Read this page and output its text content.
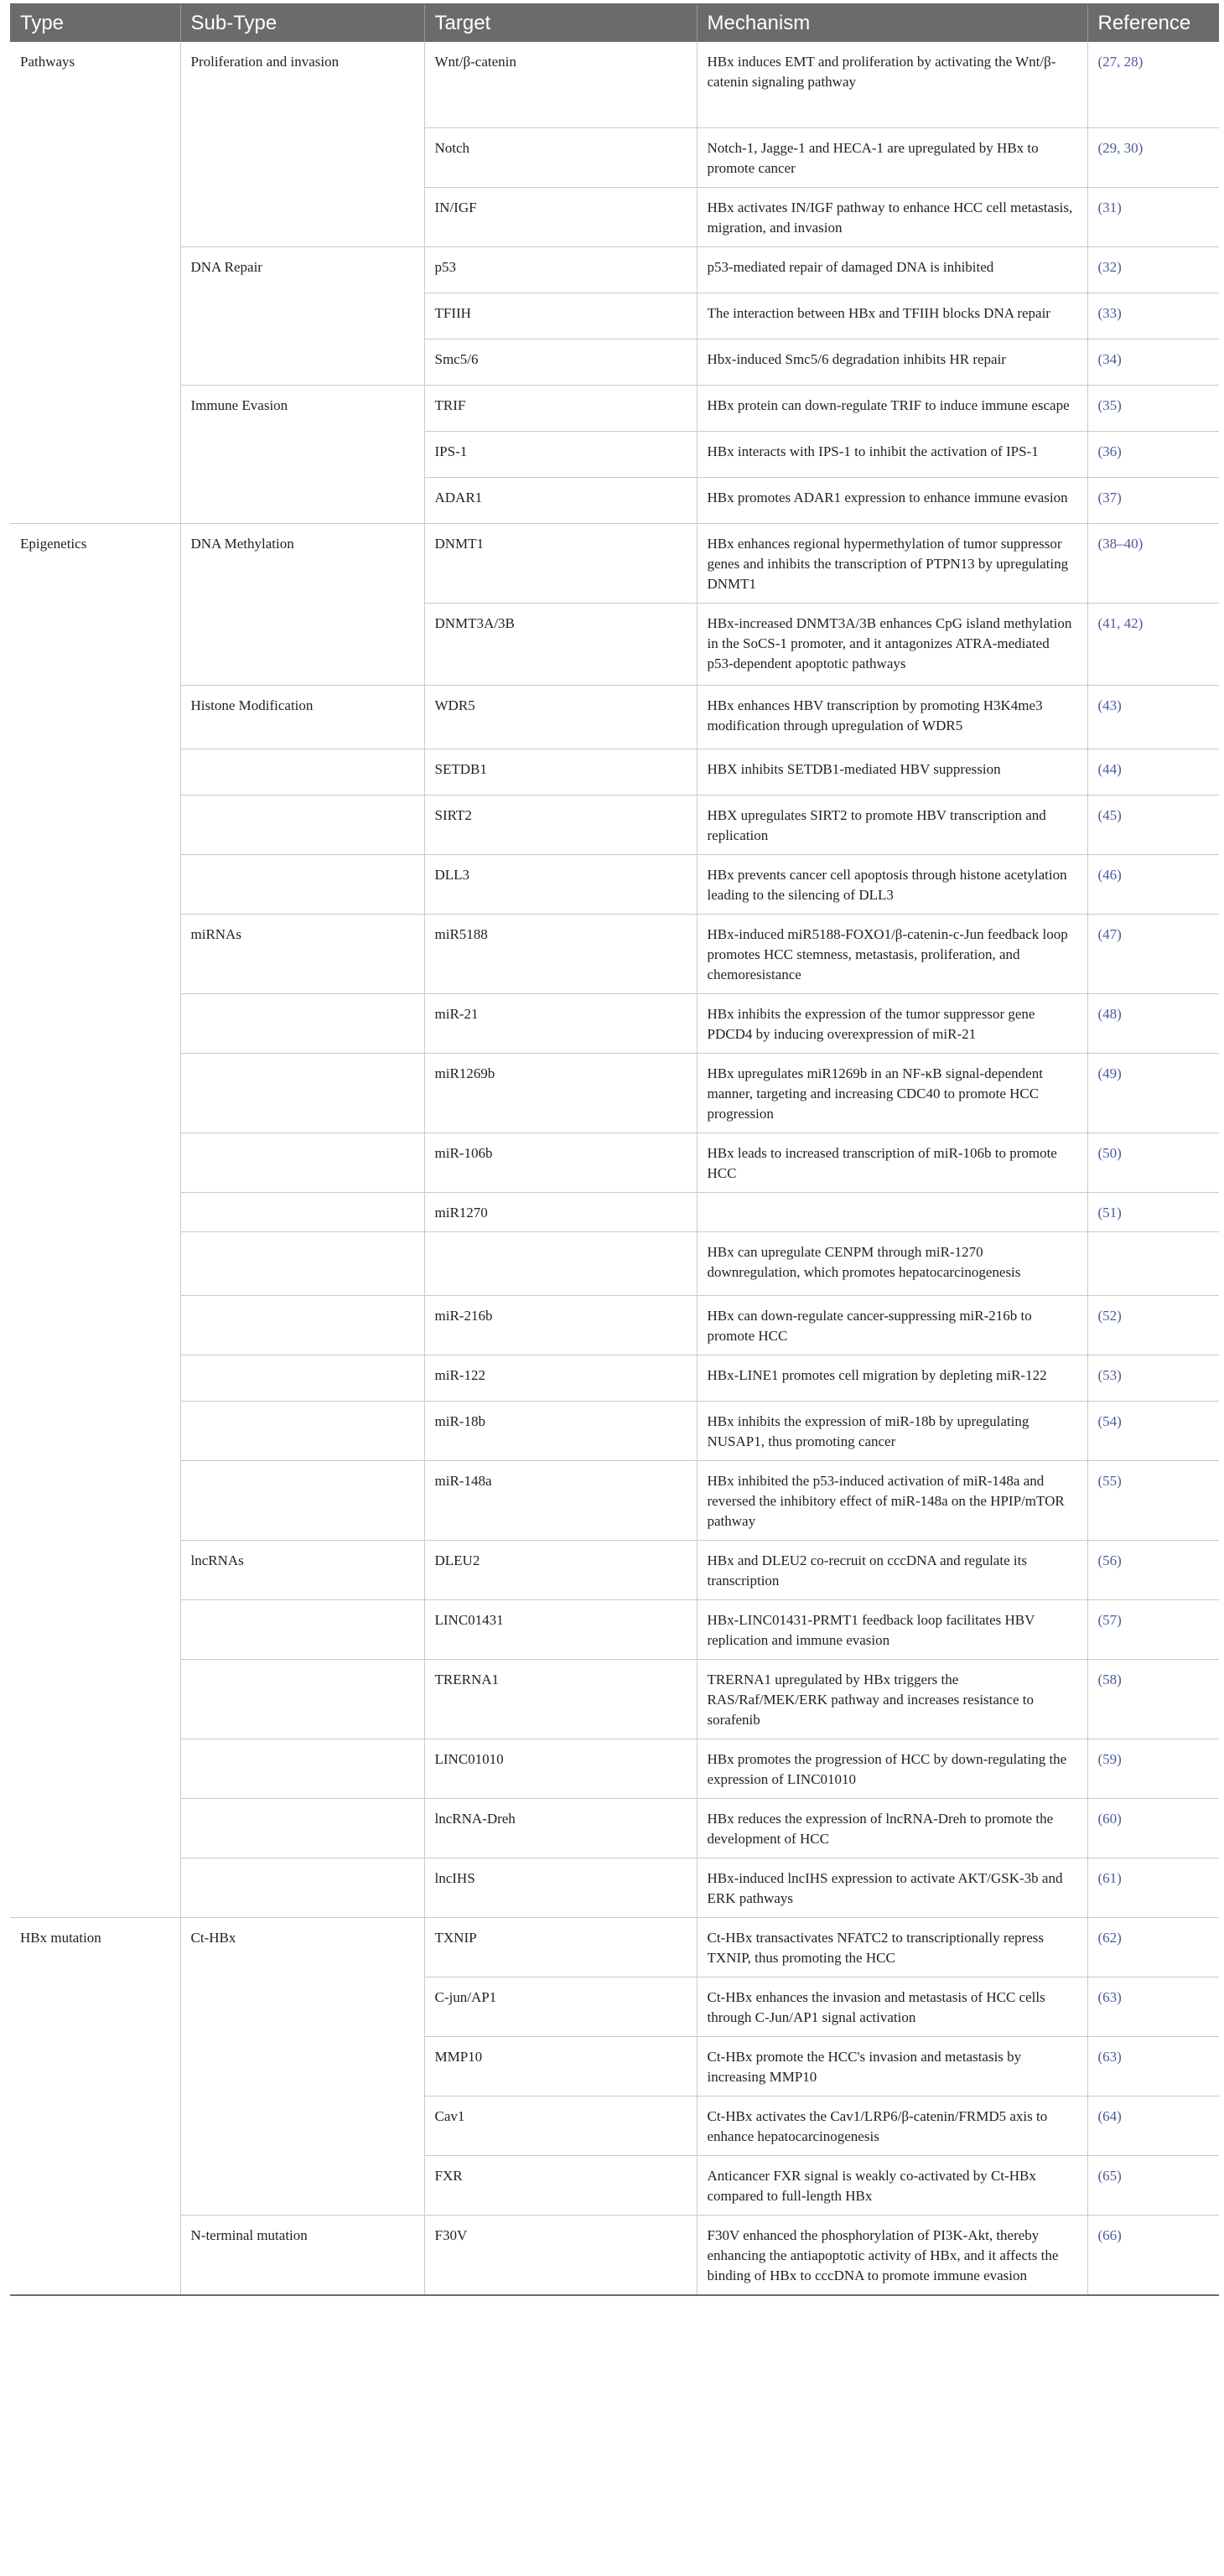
Type	Sub-Type	Target	Mechanism	Reference
Pathways	Proliferation and invasion	Wnt/β-catenin	HBx induces EMT and proliferation by activating the Wnt/β-catenin signaling pathway	(27, 28)
		Notch	Notch-1, Jagge-1 and HECA-1 are upregulated by HBx to promote cancer	(29, 30)
		IN/IGF	HBx activates IN/IGF pathway to enhance HCC cell metastasis, migration, and invasion	(31)
	DNA Repair	p53	p53-mediated repair of damaged DNA is inhibited	(32)
		TFIIH	The interaction between HBx and TFIIH blocks DNA repair	(33)
		Smc5/6	Hbx-induced Smc5/6 degradation inhibits HR repair	(34)
	Immune Evasion	TRIF	HBx protein can down-regulate TRIF to induce immune escape	(35)
		IPS-1	HBx interacts with IPS-1 to inhibit the activation of IPS-1	(36)
		ADAR1	HBx promotes ADAR1 expression to enhance immune evasion	(37)
Epigenetics	DNA Methylation	DNMT1	HBx enhances regional hypermethylation of tumor suppressor genes and inhibits the transcription of PTPN13 by upregulating DNMT1	(38–40)
		DNMT3A/3B	HBx-increased DNMT3A/3B enhances CpG island methylation in the SoCS-1 promoter, and it antagonizes ATRA-mediated p53-dependent apoptotic pathways	(41, 42)
	Histone Modification	WDR5	HBx enhances HBV transcription by promoting H3K4me3 modification through upregulation of WDR5	(43)
		SETDB1	HBX inhibits SETDB1-mediated HBV suppression	(44)
		SIRT2	HBX upregulates SIRT2 to promote HBV transcription and replication	(45)
		DLL3	HBx prevents cancer cell apoptosis through histone acetylation leading to the silencing of DLL3	(46)
	miRNAs	miR5188	HBx-induced miR5188-FOXO1/β-catenin-c-Jun feedback loop promotes HCC stemness, metastasis, proliferation, and chemoresistance	(47)
		miR-21	HBx inhibits the expression of the tumor suppressor gene PDCD4 by inducing overexpression of miR-21	(48)
		miR1269b	HBx upregulates miR1269b in an NF-κB signal-dependent manner, targeting and increasing CDC40 to promote HCC progression	(49)
		miR-106b	HBx leads to increased transcription of miR-106b to promote HCC	(50)
		miR1270		(51)
			HBx can upregulate CENPM through miR-1270 downregulation, which promotes hepatocarcinogenesis	
		miR-216b	HBx can down-regulate cancer-suppressing miR-216b to promote HCC	(52)
		miR-122	HBx-LINE1 promotes cell migration by depleting miR-122	(53)
		miR-18b	HBx inhibits the expression of miR-18b by upregulating NUSAP1, thus promoting cancer	(54)
		miR-148a	HBx inhibited the p53-induced activation of miR-148a and reversed the inhibitory effect of miR-148a on the HPIP/mTOR pathway	(55)
	lncRNAs	DLEU2	HBx and DLEU2 co-recruit on cccDNA and regulate its transcription	(56)
		LINC01431	HBx-LINC01431-PRMT1 feedback loop facilitates HBV replication and immune evasion	(57)
		TRERNA1	TRERNA1 upregulated by HBx triggers the RAS/Raf/MEK/ERK pathway and increases resistance to sorafenib	(58)
		LINC01010	HBx promotes the progression of HCC by down-regulating the expression of LINC01010	(59)
		lncRNA-Dreh	HBx reduces the expression of lncRNA-Dreh to promote the development of HCC	(60)
		lncIHS	HBx-induced lncIHS expression to activate AKT/GSK-3b and ERK pathways	(61)
HBx mutation	Ct-HBx	TXNIP	Ct-HBx transactivates NFATC2 to transcriptionally repress TXNIP, thus promoting the HCC	(62)
		C-jun/AP1	Ct-HBx enhances the invasion and metastasis of HCC cells through C-Jun/AP1 signal activation	(63)
		MMP10	Ct-HBx promote the HCC's invasion and metastasis by increasing MMP10	(63)
		Cav1	Ct-HBx activates the Cav1/LRP6/β-catenin/FRMD5 axis to enhance hepatocarcinogenesis	(64)
		FXR	Anticancer FXR signal is weakly co-activated by Ct-HBx compared to full-length HBx	(65)
	N-terminal mutation	F30V	F30V enhanced the phosphorylation of PI3K-Akt, thereby enhancing the antiapoptotic activity of HBx, and it affects the binding of HBx to cccDNA to promote immune evasion	(66)
